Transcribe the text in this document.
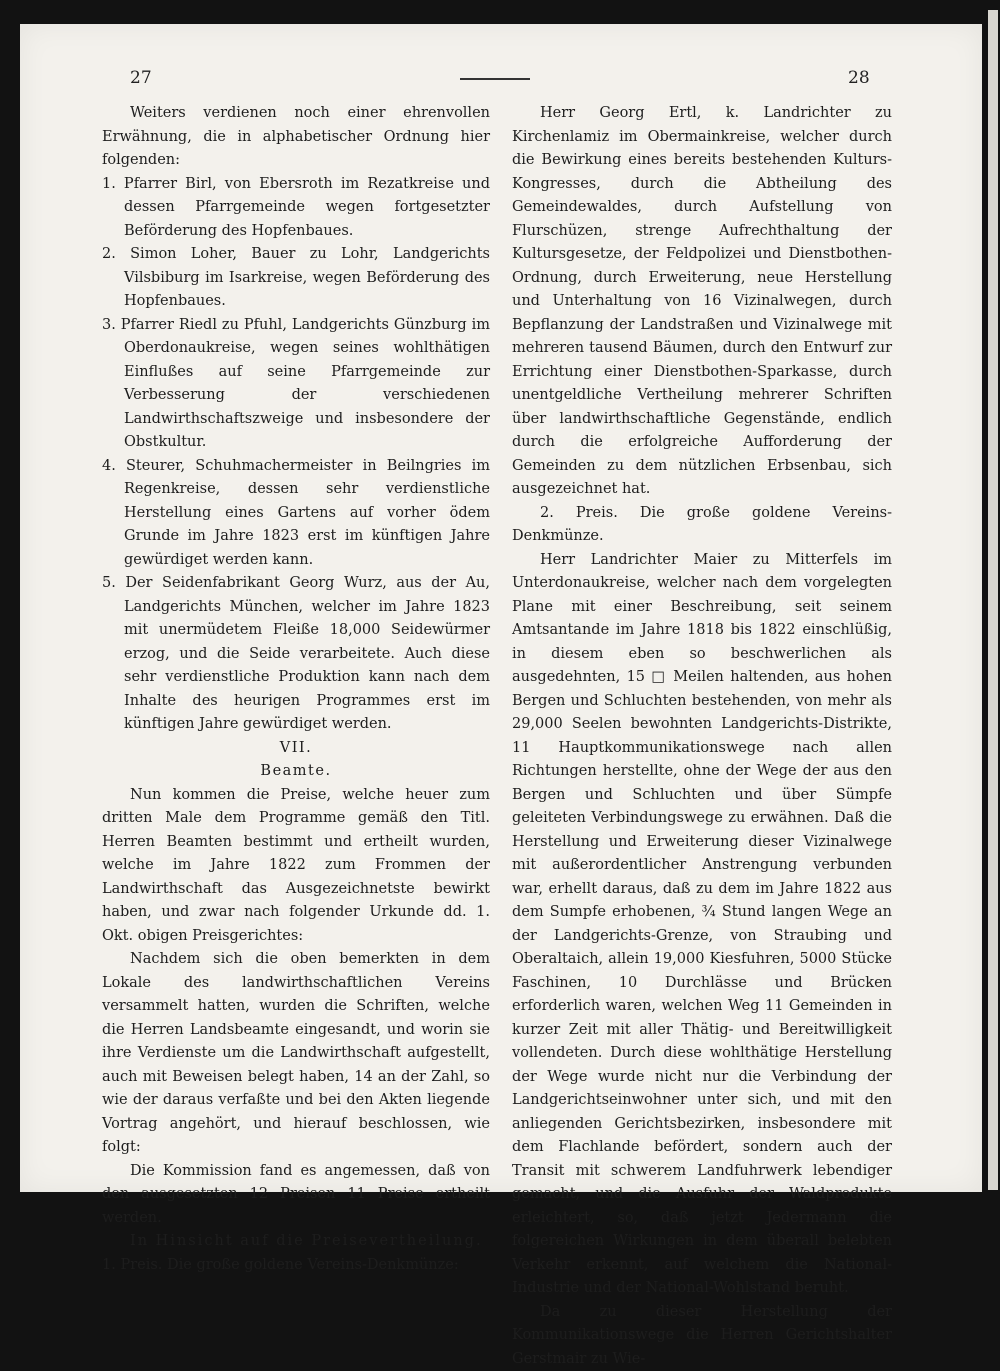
27	28

Weiters verdienen noch einer ehrenvollen Erwähnung, die in alphabetischer Ordnung hier folgenden:

1. Pfarrer Birl, von Ebersroth im Rezatkreise und dessen Pfarrgemeinde wegen fortgesetzter Beförderung des Hopfenbaues.

2. Simon Loher, Bauer zu Lohr, Landgerichts Vilsbiburg im Isarkreise, wegen Beförderung des Hopfenbaues.

3. Pfarrer Riedl zu Pfuhl, Landgerichts Günzburg im Oberdonaukreise, wegen seines wohlthätigen Einflußes auf seine Pfarrgemeinde zur Verbesserung der verschiedenen Landwirthschaftszweige und insbesondere der Obstkultur.

4. Steurer, Schuhmachermeister in Beilngries im Regenkreise, dessen sehr verdienstliche Herstellung eines Gartens auf vorher ödem Grunde im Jahre 1823 erst im künftigen Jahre gewürdiget werden kann.

5. Der Seidenfabrikant Georg Wurz, aus der Au, Landgerichts München, welcher im Jahre 1823 mit unermüdetem Fleiße 18,000 Seidewürmer erzog, und die Seide verarbeitete. Auch diese sehr verdienstliche Produktion kann nach dem Inhalte des heurigen Programmes erst im künftigen Jahre gewürdiget werden.

VII.

Beamte.

Nun kommen die Preise, welche heuer zum dritten Male dem Programme gemäß den Titl. Herren Beamten bestimmt und ertheilt wurden, welche im Jahre 1822 zum Frommen der Landwirthschaft das Ausgezeichnetste bewirkt haben, und zwar nach folgender Urkunde dd. 1. Okt. obigen Preisgerichtes:

Nachdem sich die oben bemerkten in dem Lokale des landwirthschaftlichen Vereins versammelt hatten, wurden die Schriften, welche die Herren Landsbeamte eingesandt, und worin sie ihre Verdienste um die Landwirthschaft aufgestellt, auch mit Beweisen belegt haben, 14 an der Zahl, so wie der daraus verfaßte und bei den Akten liegende Vortrag angehört, und hierauf beschlossen, wie folgt:

Die Kommission fand es angemessen, daß von den ausgesetzten 12 Preisen 11 Preise ertheilt werden.

In Hinsicht auf die Preisevertheilung.

1. Preis. Die große goldene Vereins-Denkmünze:

Herr Georg Ertl, k. Landrichter zu Kirchenlamiz im Obermainkreise, welcher durch die Bewirkung eines bereits bestehenden Kulturs-Kongresses, durch die Abtheilung des Gemeindewaldes, durch Aufstellung von Flurschüzen, strenge Aufrechthaltung der Kultursgesetze, der Feldpolizei und Dienstbothen-Ordnung, durch Erweiterung, neue Herstellung und Unterhaltung von 16 Vizinalwegen, durch Bepflanzung der Landstraßen und Vizinalwege mit mehreren tausend Bäumen, durch den Entwurf zur Errichtung einer Dienstbothen-Sparkasse, durch unentgeldliche Vertheilung mehrerer Schriften über landwirthschaftliche Gegenstände, endlich durch die erfolgreiche Aufforderung der Gemeinden zu dem nützlichen Erbsenbau, sich ausgezeichnet hat.

2. Preis. Die große goldene Vereins-Denkmünze.

Herr Landrichter Maier zu Mitterfels im Unterdonaukreise, welcher nach dem vorgelegten Plane mit einer Beschreibung, seit seinem Amtsantande im Jahre 1818 bis 1822 einschlüßig, in diesem eben so beschwerlichen als ausgedehnten, 15 □ Meilen haltenden, aus hohen Bergen und Schluchten bestehenden, von mehr als 29,000 Seelen bewohnten Landgerichts-Distrikte, 11 Hauptkommunikationswege nach allen Richtungen herstellte, ohne der Wege der aus den Bergen und Schluchten und über Sümpfe geleiteten Verbindungswege zu erwähnen. Daß die Herstellung und Erweiterung dieser Vizinalwege mit außerordentlicher Anstrengung verbunden war, erhellt daraus, daß zu dem im Jahre 1822 aus dem Sumpfe erhobenen, ¾ Stund langen Wege an der Landgerichts-Grenze, von Straubing und Oberaltaich, allein 19,000 Kiesfuhren, 5000 Stücke Faschinen, 10 Durchlässe und Brücken erforderlich waren, welchen Weg 11 Gemeinden in kurzer Zeit mit aller Thätig- und Bereitwilligkeit vollendeten. Durch diese wohlthätige Herstellung der Wege wurde nicht nur die Verbindung der Landgerichtseinwohner unter sich, und mit den anliegenden Gerichtsbezirken, insbesondere mit dem Flachlande befördert, sondern auch der Transit mit schwerem Landfuhrwerk lebendiger gemacht, und die Ausfuhr der Waldprodukte erleichtert, so, daß jetzt Jedermann die folgereichen Wirkungen in dem überall belebten Verkehr erkennt, auf welchem die National-Industrie und der National-Wohlstand beruht.

Da zu dieser Herstellung der Kommunikationswege die Herren Gerichtshalter Gerstmair zu Wie-
